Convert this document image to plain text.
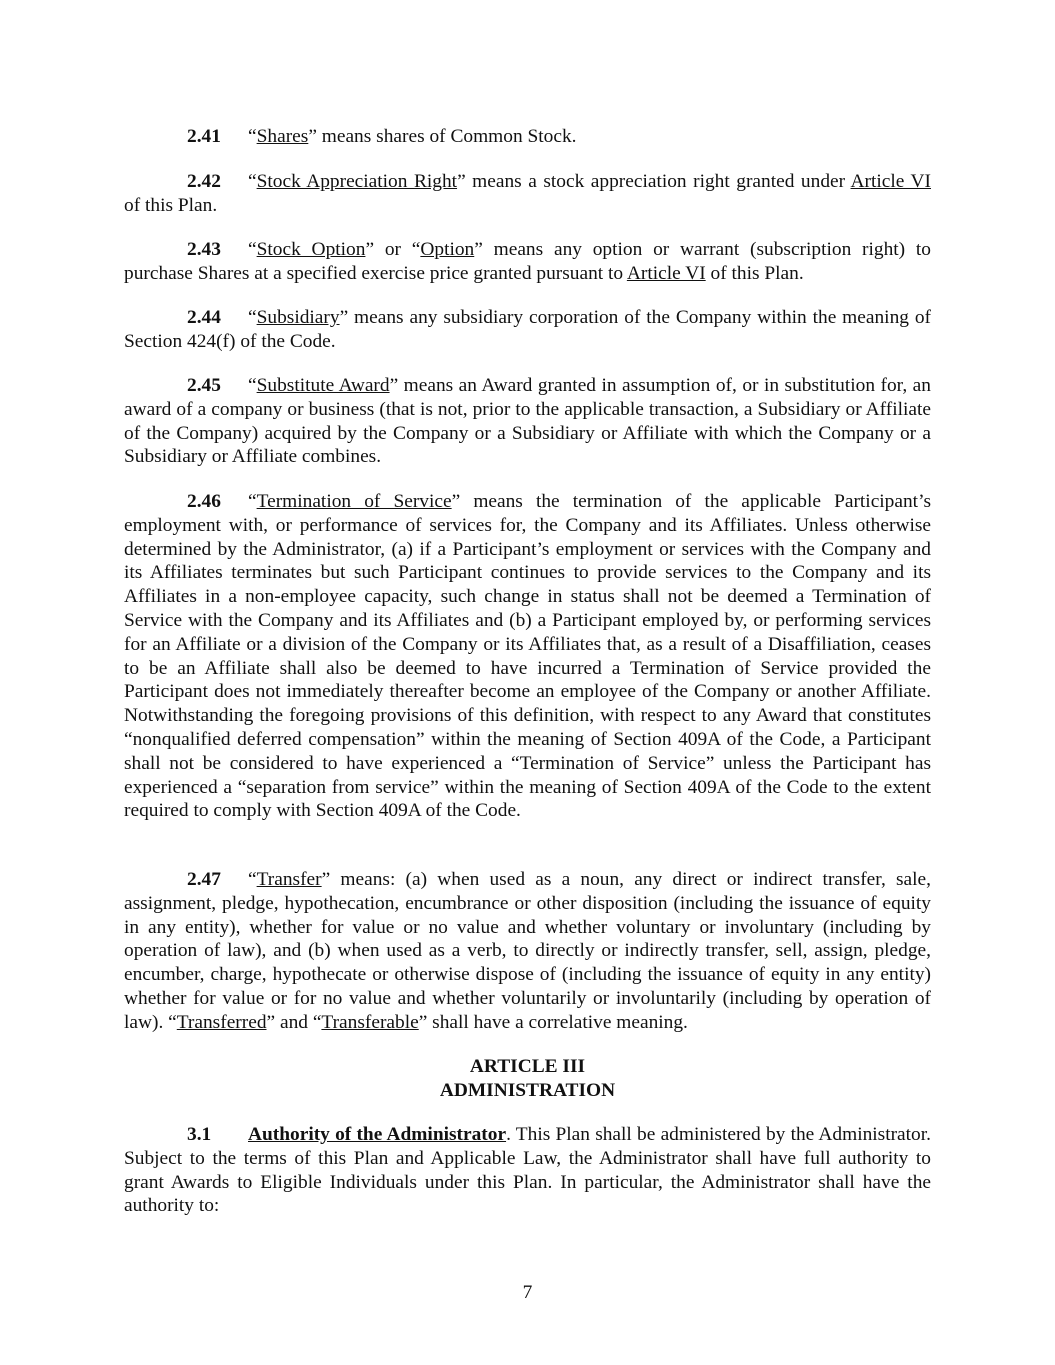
2.41 “Shares” means shares of Common Stock.

2.42 “Stock Appreciation Right” means a stock appreciation right granted under Article VI of this Plan.

2.43 “Stock Option” or “Option” means any option or warrant (subscription right) to purchase Shares at a specified exercise price granted pursuant to Article VI of this Plan.

2.44 “Subsidiary” means any subsidiary corporation of the Company within the meaning of Section 424(f) of the Code.

2.45 “Substitute Award” means an Award granted in assumption of, or in substitution for, an award of a company or business (that is not, prior to the applicable transaction, a Subsidiary or Affiliate of the Company) acquired by the Company or a Subsidiary or Affiliate with which the Company or a Subsidiary or Affiliate combines.

2.46 “Termination of Service” means the termination of the applicable Participant’s employment with, or performance of services for, the Company and its Affiliates. Unless otherwise determined by the Administrator, (a) if a Participant’s employment or services with the Company and its Affiliates terminates but such Participant continues to provide services to the Company and its Affiliates in a non-employee capacity, such change in status shall not be deemed a Termination of Service with the Company and its Affiliates and (b) a Participant employed by, or performing services for an Affiliate or a division of the Company or its Affiliates that, as a result of a Disaffiliation, ceases to be an Affiliate shall also be deemed to have incurred a Termination of Service provided the Participant does not immediately thereafter become an employee of the Company or another Affiliate. Notwithstanding the foregoing provisions of this definition, with respect to any Award that constitutes “nonqualified deferred compensation” within the meaning of Section 409A of the Code, a Participant shall not be considered to have experienced a “Termination of Service” unless the Participant has experienced a “separation from service” within the meaning of Section 409A of the Code to the extent required to comply with Section 409A of the Code.

2.47 “Transfer” means: (a) when used as a noun, any direct or indirect transfer, sale, assignment, pledge, hypothecation, encumbrance or other disposition (including the issuance of equity in any entity), whether for value or no value and whether voluntary or involuntary (including by operation of law), and (b) when used as a verb, to directly or indirectly transfer, sell, assign, pledge, encumber, charge, hypothecate or otherwise dispose of (including the issuance of equity in any entity) whether for value or for no value and whether voluntarily or involuntarily (including by operation of law). “Transferred” and “Transferable” shall have a correlative meaning.

ARTICLE III
ADMINISTRATION

3.1 Authority of the Administrator. This Plan shall be administered by the Administrator. Subject to the terms of this Plan and Applicable Law, the Administrator shall have full authority to grant Awards to Eligible Individuals under this Plan. In particular, the Administrator shall have the authority to:

7
